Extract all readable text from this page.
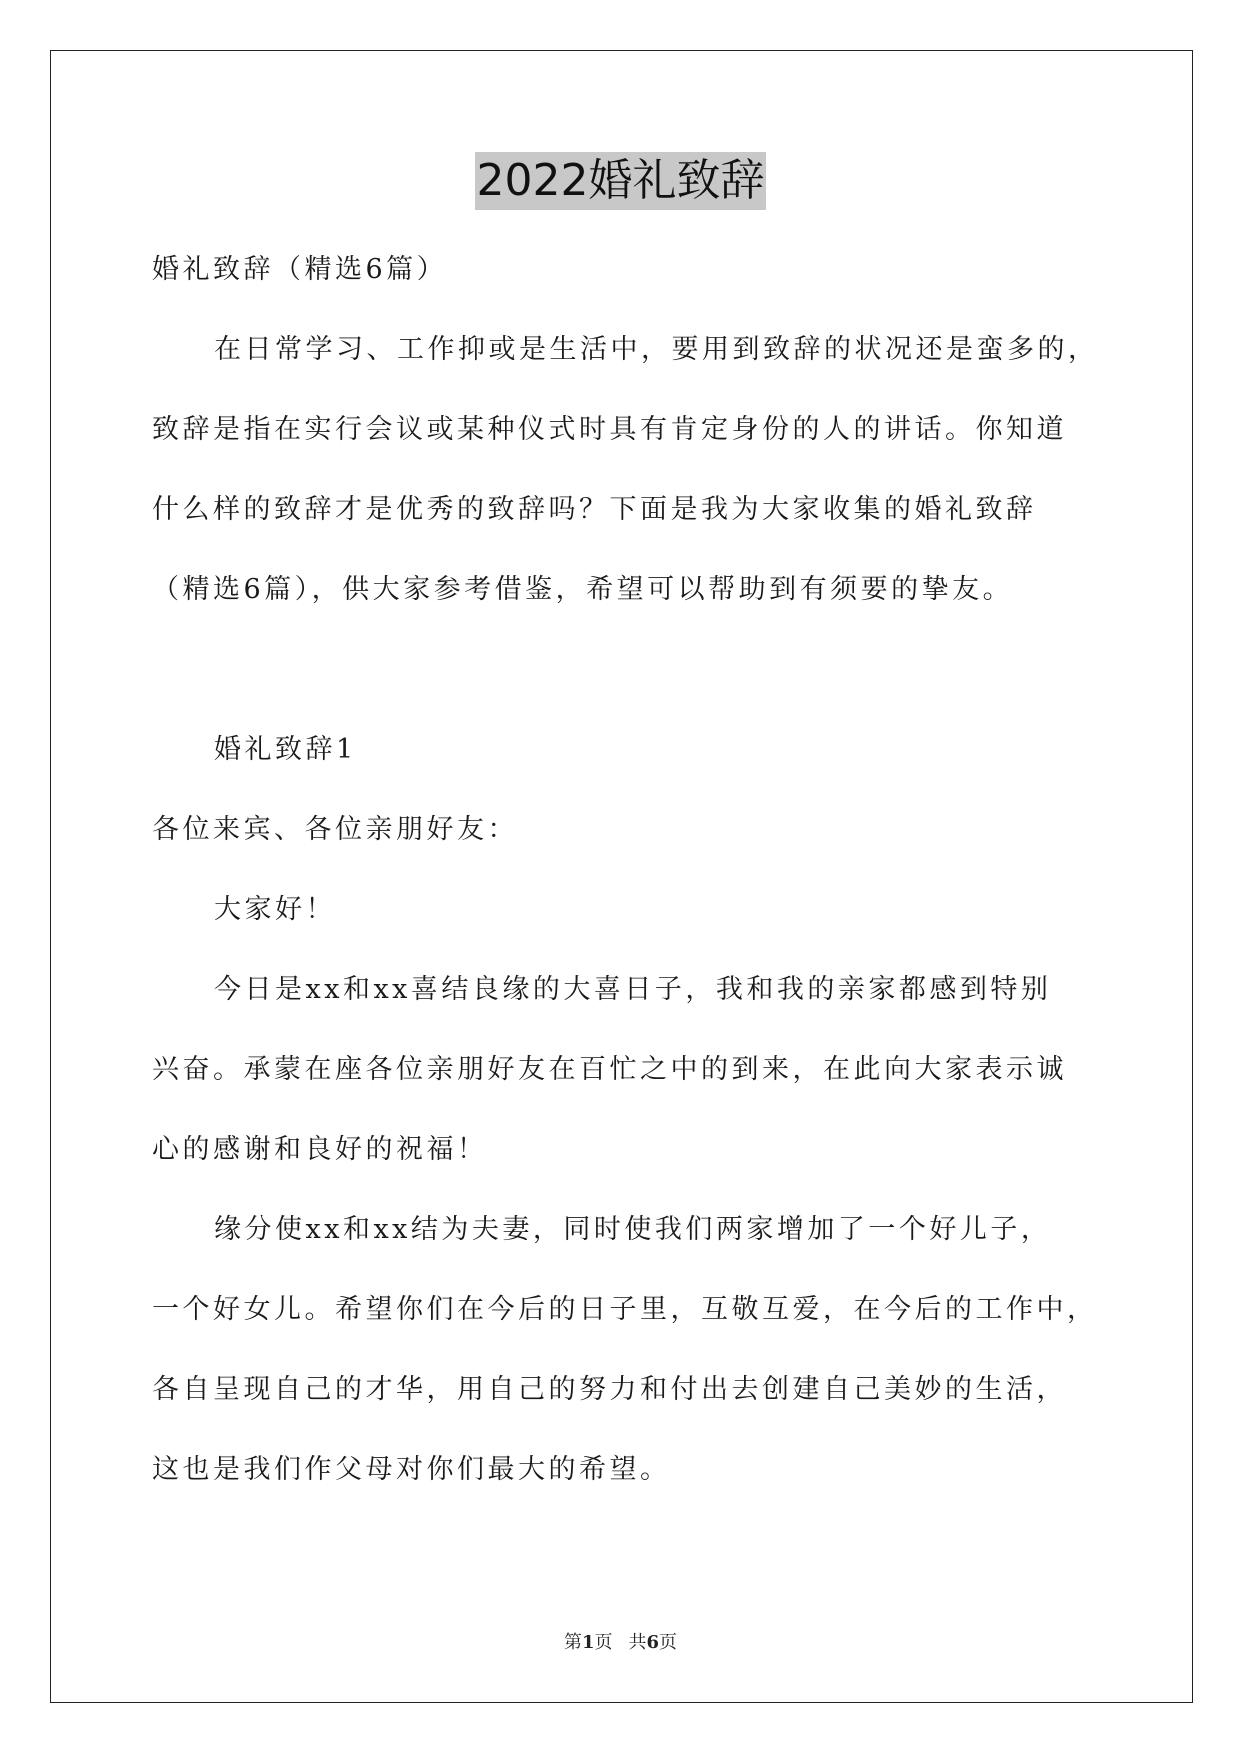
2022婚礼致辞

婚礼致辞（精选6篇）

在日常学习、工作抑或是生活中，要用到致辞的状况还是蛮多的，

致辞是指在实行会议或某种仪式时具有肯定身份的人的讲话。你知道

什么样的致辞才是优秀的致辞吗？下面是我为大家收集的婚礼致辞

（精选6篇），供大家参考借鉴，希望可以帮助到有须要的挚友。

婚礼致辞1

各位来宾、各位亲朋好友：

大家好！

今日是xx和xx喜结良缘的大喜日子，我和我的亲家都感到特别

兴奋。承蒙在座各位亲朋好友在百忙之中的到来，在此向大家表示诚

心的感谢和良好的祝福！

缘分使xx和xx结为夫妻，同时使我们两家增加了一个好儿子，

一个好女儿。希望你们在今后的日子里，互敬互爱，在今后的工作中，

各自呈现自己的才华，用自己的努力和付出去创建自己美妙的生活，

这也是我们作父母对你们最大的希望。

第1页 共6页
